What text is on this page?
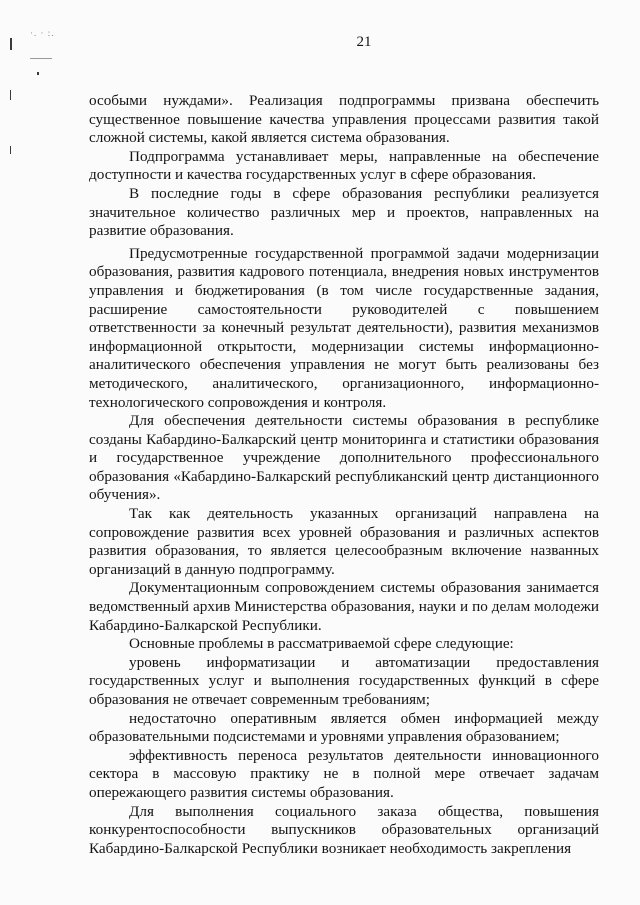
·. · :.
21

особыми нуждами». Реализация подпрограммы призвана обеспечить существенное повышение качества управления процессами развития такой сложной системы, какой является система образования.

Подпрограмма устанавливает меры, направленные на обеспечение доступности и качества государственных услуг в сфере образования.

В последние годы в сфере образования республики реализуется значительное количество различных мер и проектов, направленных на развитие образования.

Предусмотренные государственной программой задачи модернизации образования, развития кадрового потенциала, внедрения новых инструментов управления и бюджетирования (в том числе государственные задания, расширение самостоятельности руководителей с повышением ответственности за конечный результат деятельности), развития механизмов информационной открытости, модернизации системы информационно-аналитического обеспечения управления не могут быть реализованы без методического, аналитического, организационного, информационно-технологического сопровождения и контроля.

Для обеспечения деятельности системы образования в республике созданы Кабардино-Балкарский центр мониторинга и статистики образования и государственное учреждение дополнительного профессионального образования «Кабардино-Балкарский республиканский центр дистанционного обучения».

Так как деятельность указанных организаций направлена на сопровождение развития всех уровней образования и различных аспектов развития образования, то является целесообразным включение названных организаций в данную подпрограмму.

Документационным сопровождением системы образования занимается ведомственный архив Министерства образования, науки и по делам молодежи Кабардино-Балкарской Республики.

Основные проблемы в рассматриваемой сфере следующие:

уровень информатизации и автоматизации предоставления государственных услуг и выполнения государственных функций в сфере образования не отвечает современным требованиям;

недостаточно оперативным является обмен информацией между образовательными подсистемами и уровнями управления образованием;

эффективность переноса результатов деятельности инновационного сектора в массовую практику не в полной мере отвечает задачам опережающего развития системы образования.

Для выполнения социального заказа общества, повышения конкурентоспособности выпускников образовательных организаций Кабардино-Балкарской Республики возникает необходимость закрепления
